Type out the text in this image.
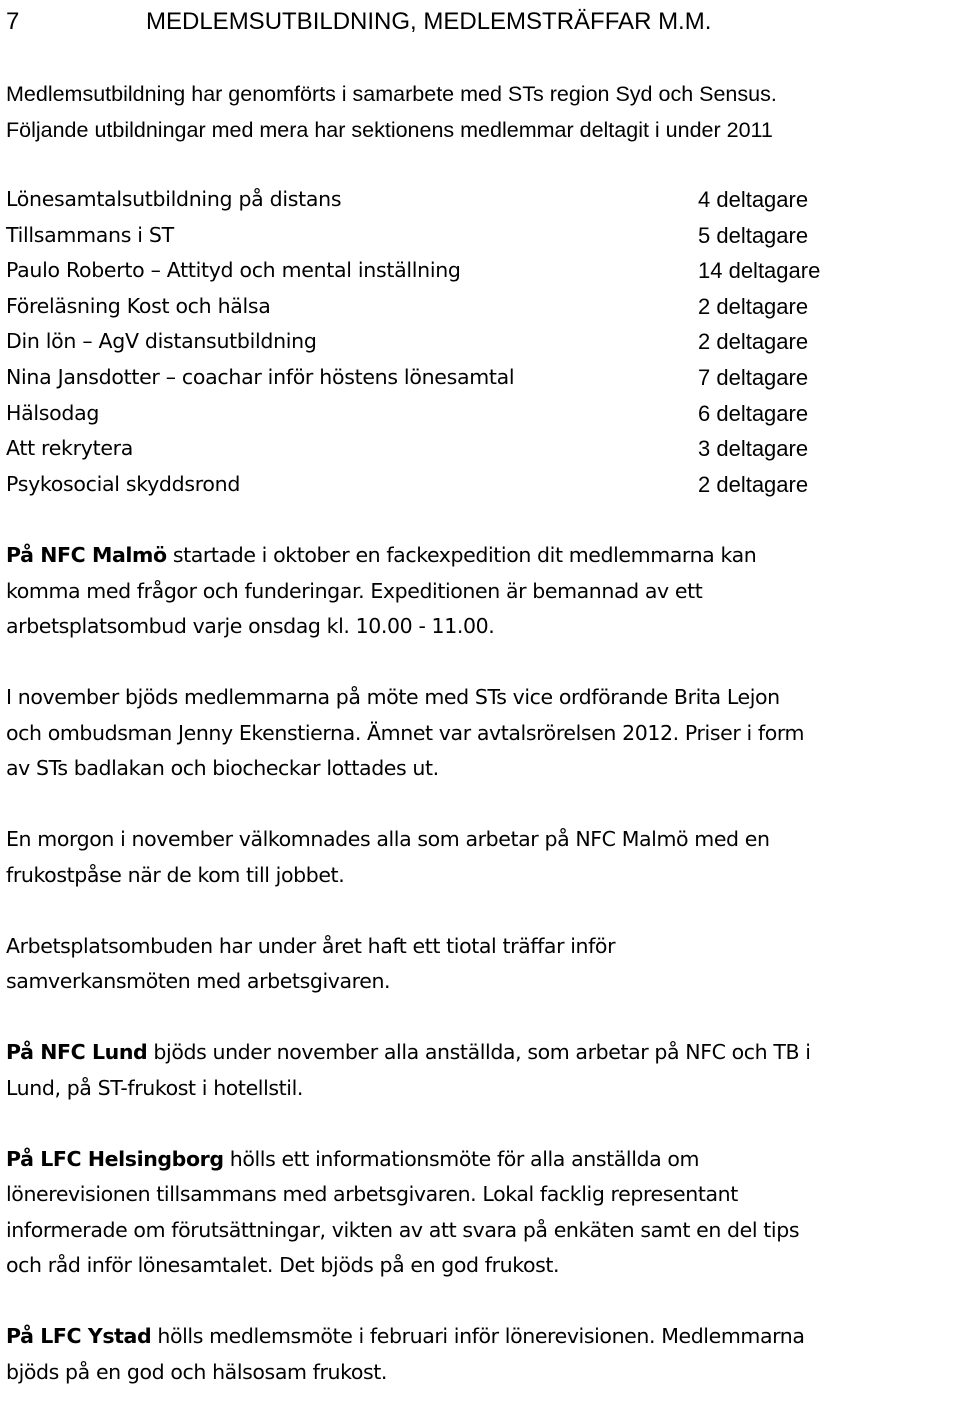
7	MEDLEMSUTBILDNING, MEDLEMSTRÄFFAR M.M.
Medlemsutbildning har genomförts i samarbete med STs region Syd och Sensus.
Följande utbildningar med mera har sektionens medlemmar deltagit i under 2011
Lönesamtalsutbildning på distans	4 deltagare
Tillsammans i ST	5 deltagare
Paulo Roberto – Attityd och mental inställning	14 deltagare
Föreläsning Kost och hälsa	2 deltagare
Din lön – AgV distansutbildning	2 deltagare
Nina Jansdotter – coachar inför höstens lönesamtal	7 deltagare
Hälsodag	6 deltagare
Att rekrytera	3 deltagare
Psykosocial skyddsrond	2 deltagare
På NFC Malmö startade i oktober en fackexpedition dit medlemmarna kan
komma med frågor och funderingar. Expeditionen är bemannad av ett
arbetsplatsombud varje onsdag kl. 10.00 - 11.00.
I november bjöds medlemmarna på möte med STs vice ordförande Brita Lejon
och ombudsman Jenny Ekenstierna. Ämnet var avtalsrörelsen 2012. Priser i form
av STs badlakan och biocheckar lottades ut.
En morgon i november välkomnades alla som arbetar på NFC Malmö med en
frukostpåse när de kom till jobbet.
Arbetsplatsombuden har under året haft ett tiotal träffar inför
samverkansmöten med arbetsgivaren.
På NFC Lund bjöds under november alla anställda, som arbetar på NFC och TB i
Lund, på ST-frukost i hotellstil.
På LFC Helsingborg hölls ett informationsmöte för alla anställda om
lönerevisionen tillsammans med arbetsgivaren. Lokal facklig representant
informerade om förutsättningar, vikten av att svara på enkäten samt en del tips
och råd inför lönesamtalet. Det bjöds på en god frukost.
På LFC Ystad hölls medlemsmöte i februari inför lönerevisionen. Medlemmarna
bjöds på en god och hälsosam frukost.
